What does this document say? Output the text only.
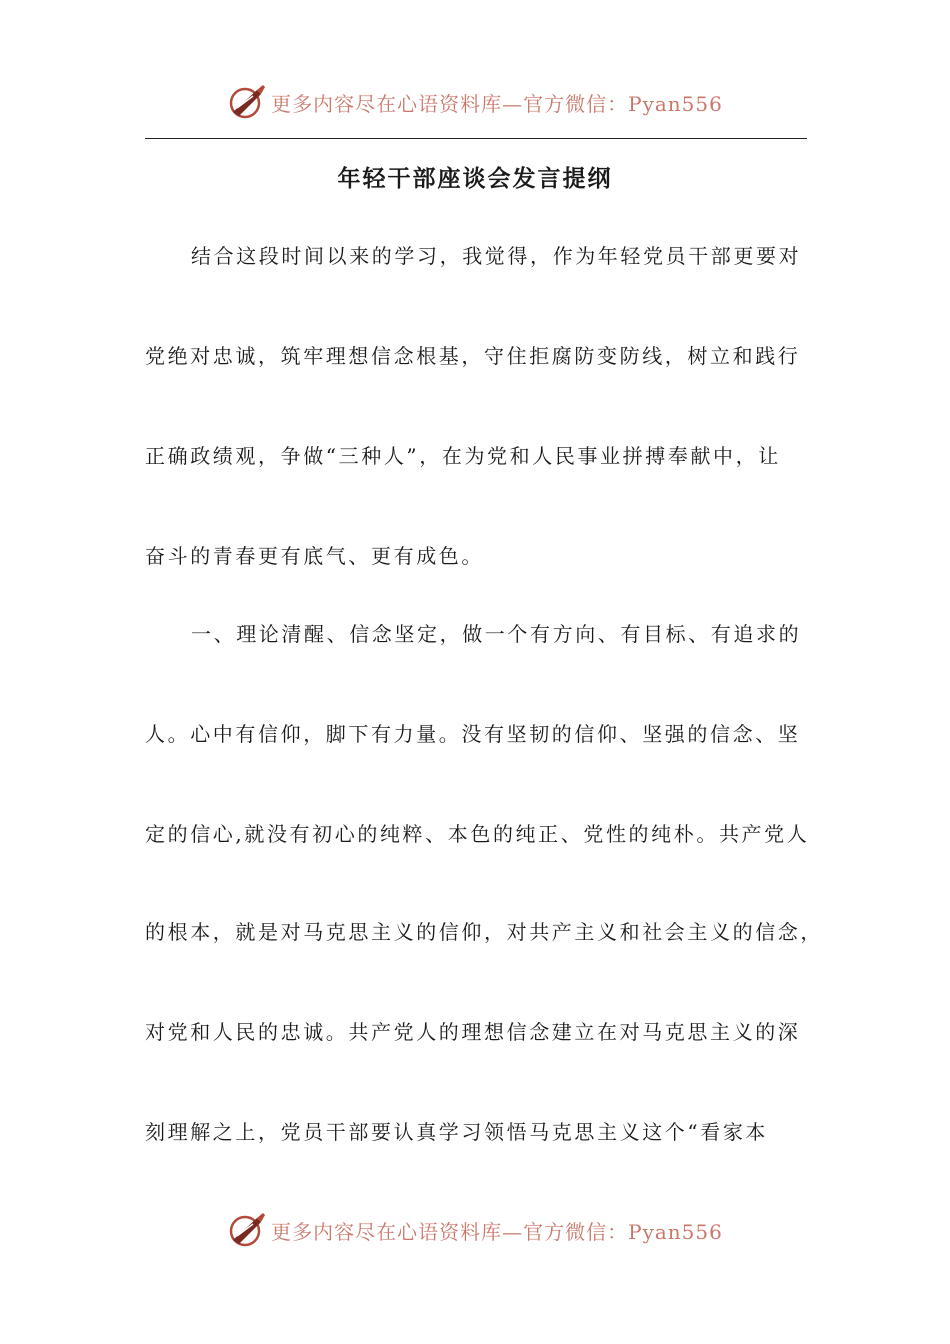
更多内容尽在心语资料库—官方微信：Pyan556
年轻干部座谈会发言提纲
结合这段时间以来的学习，我觉得，作为年轻党员干部更要对
党绝对忠诚，筑牢理想信念根基，守住拒腐防变防线，树立和践行
正确政绩观，争做“三种人”，在为党和人民事业拼搏奉献中，让
奋斗的青春更有底气、更有成色。
一、理论清醒、信念坚定，做一个有方向、有目标、有追求的
人。心中有信仰，脚下有力量。没有坚韧的信仰、坚强的信念、坚
定的信心,就没有初心的纯粹、本色的纯正、党性的纯朴。共产党人
的根本，就是对马克思主义的信仰，对共产主义和社会主义的信念，
对党和人民的忠诚。共产党人的理想信念建立在对马克思主义的深
刻理解之上，党员干部要认真学习领悟马克思主义这个“看家本
更多内容尽在心语资料库—官方微信：Pyan556
